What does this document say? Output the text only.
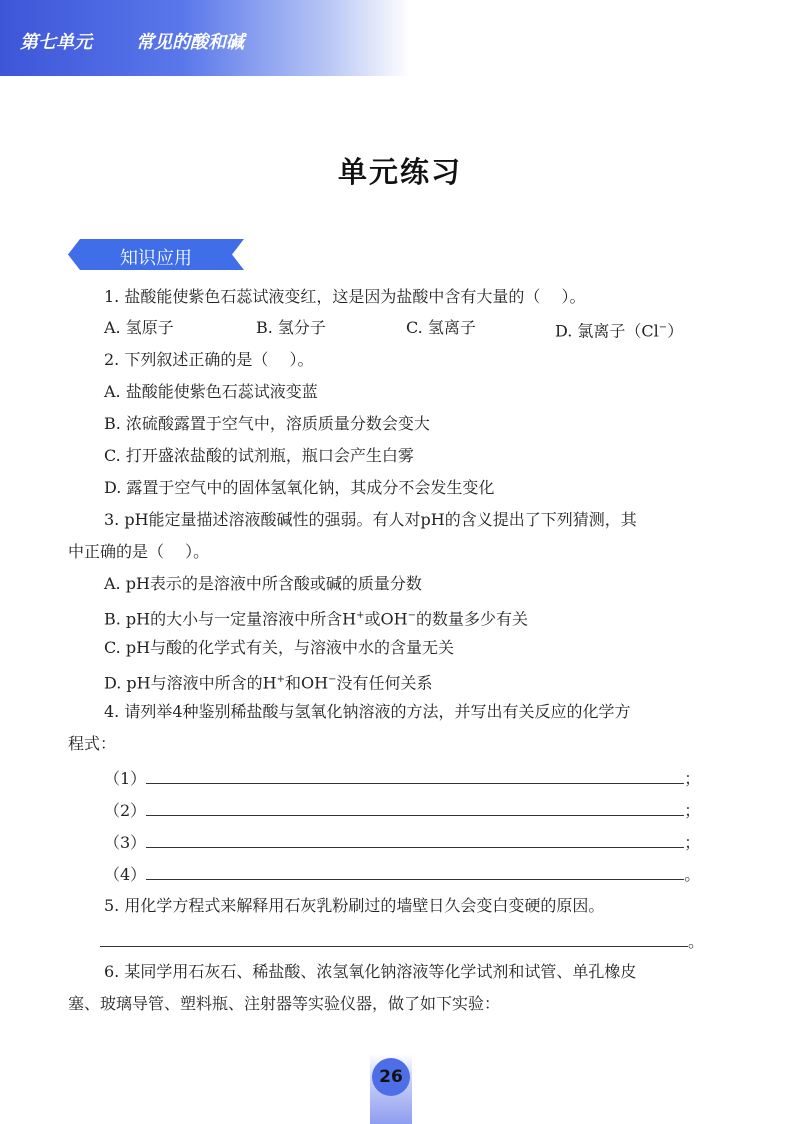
第七单元 常见的酸和碱
单元练习
知识应用
1. 盐酸能使紫色石蕊试液变红，这是因为盐酸中含有大量的（　 ）。
A. 氢原子	B. 氢分子	C. 氢离子	D. 氯离子（Cl−）
2. 下列叙述正确的是（　 ）。
A. 盐酸能使紫色石蕊试液变蓝
B. 浓硫酸露置于空气中，溶质质量分数会变大
C. 打开盛浓盐酸的试剂瓶，瓶口会产生白雾
D. 露置于空气中的固体氢氧化钠，其成分不会发生变化
3. pH能定量描述溶液酸碱性的强弱。有人对pH的含义提出了下列猜测，其
中正确的是（　 ）。
A. pH表示的是溶液中所含酸或碱的质量分数
B. pH的大小与一定量溶液中所含H+或OH−的数量多少有关
C. pH与酸的化学式有关，与溶液中水的含量无关
D. pH与溶液中所含的H+和OH−没有任何关系
4. 请列举4种鉴别稀盐酸与氢氧化钠溶液的方法，并写出有关反应的化学方
程式：
（1）	；
（2）	；
（3）	；
（4）	。
5. 用化学方程式来解释用石灰乳粉刷过的墙壁日久会变白变硬的原因。
。
6. 某同学用石灰石、稀盐酸、浓氢氧化钠溶液等化学试剂和试管、单孔橡皮
塞、玻璃导管、塑料瓶、注射器等实验仪器，做了如下实验：
26
